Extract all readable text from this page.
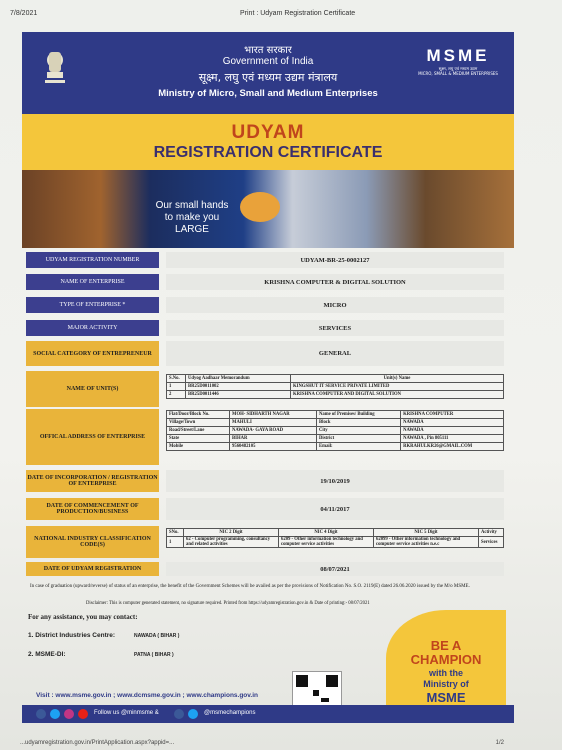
7/8/2021	Print : Udyam Registration Certificate
भारत सरकार
Government of India
सूक्ष्म, लघु एवं मध्यम उद्यम मंत्रालय
Ministry of Micro, Small and Medium Enterprises
MSME
सूक्ष्म, लघु एवं मध्यम उद्यम
MICRO, SMALL & MEDIUM ENTERPRISES
UDYAM
REGISTRATION CERTIFICATE
Our small hands to make you LARGE
UDYAM REGISTRATION NUMBER	UDYAM-BR-25-0002127
NAME OF ENTERPRISE	KRISHNA COMPUTER & DIGITAL SOLUTION
TYPE OF ENTERPRISE *	MICRO
MAJOR ACTIVITY	SERVICES
SOCIAL CATEGORY OF ENTREPRENEUR	GENERAL
NAME OF UNIT(S)
S.No.	Udyog Aadhaar Memorandum	Unit(s) Name
1	BR25D0011002	KINGSHUT IT SERVICE PRIVATE LIMITED
2	BR25D0011446	KRISHNA COMPUTER AND DIGITAL SOLUTION
OFFICAL ADDRESS OF ENTERPRISE
Flat/Door/Block No.	MOH- SIDHARTH NAGAR	Name of Premises/ Building	KRISHNA COMPUTER
Village/Town	MAHULI	Block	NAWADA
Road/Street/Lane	NAWADA- GAYA ROAD	City	NAWADA
State	BIHAR	District	NAWADA , Pin 805111
Mobile	9560482105	Email:	RKRAHULKR26@GMAIL.COM
DATE OF INCORPORATION / REGISTRATION OF ENTERPRISE	19/10/2019
DATE OF COMMENCEMENT OF PRODUCTION/BUSINESS	04/11/2017
NATIONAL INDUSTRY CLASSIFICATION CODE(S)
SNo.	NIC 2 Digit	NIC 4 Digit	NIC 5 Digit	Activity
1	62 - Computer programming, consultancy and related activities	6209 - Other information technology and computer service activities	62099 - Other information technology and computer service activities n.e.c	Services
DATE OF UDYAM REGISTRATION	08/07/2021
In case of graduation (upward/reverse) of status of an enterprise, the benefit of the Government Schemes will be availed as per the provisions of Notification No. S.O. 2119(E) dated 26.06.2020 issued by the M/o MSME.
Disclaimer: This is computer generated statement, no signature required. Printed from https://udyamregistration.gov.in & Date of printing:- 08/07/2021
For any assistance, you may contact:
1. District Industries Centre:	NAWADA ( BIHAR )
2. MSME-DI:	PATNA ( BIHAR )
Visit : www.msme.gov.in ; www.dcmsme.gov.in ; www.champions.gov.in
BE A
CHAMPION
with the
Ministry of
MSME
Follow us @minmsme &	@msmechampions
...udyamregistration.gov.in/PrintApplication.aspx?appid=...	1/2
